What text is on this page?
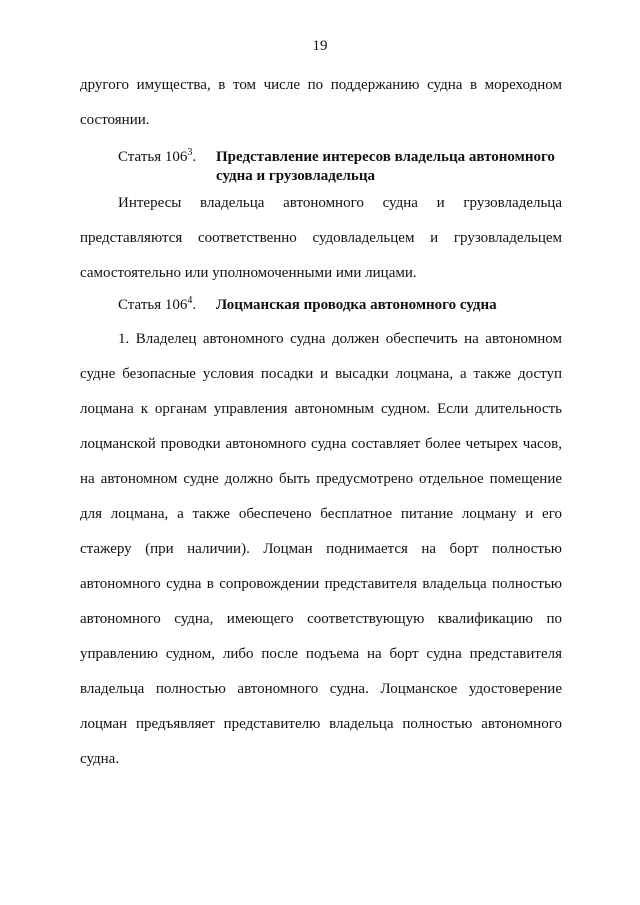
19
другого имущества, в том числе по поддержанию судна в мореходном
состоянии.
Статья $106^3$.	Представление интересов владельца автономного
судна и грузовладельца
Интересы владельца автономного судна и грузовладельца
представляются соответственно судовладельцем и грузовладельцем
самостоятельно или уполномоченными ими лицами.
Статья $106^4$.	Лоцманская проводка автономного судна
1. Владелец автономного судна должен обеспечить на автономном
судне безопасные условия посадки и высадки лоцмана, а также доступ
лоцмана к органам управления автономным судном. Если длительность
лоцманской проводки автономного судна составляет более четырех часов,
на автономном судне должно быть предусмотрено отдельное помещение
для лоцмана, а также обеспечено бесплатное питание лоцману и его
стажеру (при наличии). Лоцман поднимается на борт полностью
автономного судна в сопровождении представителя владельца полностью
автономного судна, имеющего соответствующую квалификацию по
управлению судном, либо после подъема на борт судна представителя
владельца полностью автономного судна. Лоцманское удостоверение
лоцман предъявляет представителю владельца полностью автономного
судна.
